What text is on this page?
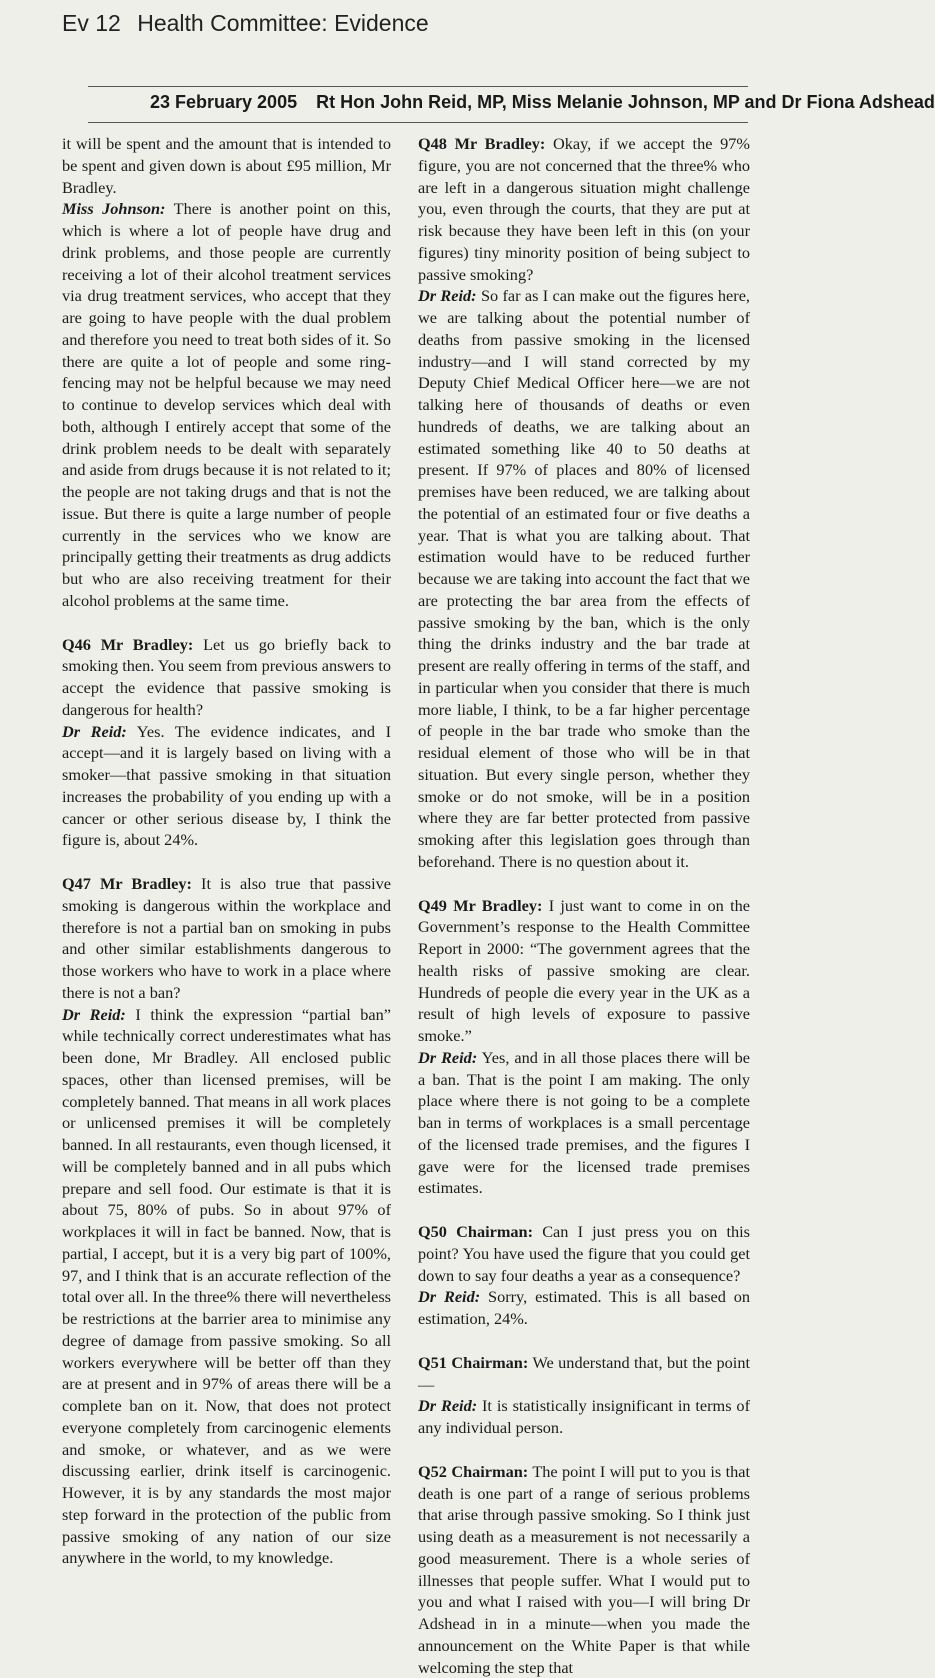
Ev 12 Health Committee: Evidence
23 February 2005 Rt Hon John Reid, MP, Miss Melanie Johnson, MP and Dr Fiona Adshead

it will be spent and the amount that is intended to be spent and given down is about £95 million, Mr Bradley.

Miss Johnson: There is another point on this, which is where a lot of people have drug and drink problems, and those people are currently receiving a lot of their alcohol treatment services via drug treatment services, who accept that they are going to have people with the dual problem and therefore you need to treat both sides of it. So there are quite a lot of people and some ring-fencing may not be helpful because we may need to continue to develop services which deal with both, although I entirely accept that some of the drink problem needs to be dealt with separately and aside from drugs because it is not related to it; the people are not taking drugs and that is not the issue. But there is quite a large number of people currently in the services who we know are principally getting their treatments as drug addicts but who are also receiving treatment for their alcohol problems at the same time.

Q46 Mr Bradley: Let us go briefly back to smoking then. You seem from previous answers to accept the evidence that passive smoking is dangerous for health?

Dr Reid: Yes. The evidence indicates, and I accept—and it is largely based on living with a smoker—that passive smoking in that situation increases the probability of you ending up with a cancer or other serious disease by, I think the figure is, about 24%.

Q47 Mr Bradley: It is also true that passive smoking is dangerous within the workplace and therefore is not a partial ban on smoking in pubs and other similar establishments dangerous to those workers who have to work in a place where there is not a ban?

Dr Reid: I think the expression “partial ban” while technically correct underestimates what has been done, Mr Bradley. All enclosed public spaces, other than licensed premises, will be completely banned. That means in all work places or unlicensed premises it will be completely banned. In all restaurants, even though licensed, it will be completely banned and in all pubs which prepare and sell food. Our estimate is that it is about 75, 80% of pubs. So in about 97% of workplaces it will in fact be banned. Now, that is partial, I accept, but it is a very big part of 100%, 97, and I think that is an accurate reflection of the total over all. In the three% there will nevertheless be restrictions at the barrier area to minimise any degree of damage from passive smoking. So all workers everywhere will be better off than they are at present and in 97% of areas there will be a complete ban on it. Now, that does not protect everyone completely from carcinogenic elements and smoke, or whatever, and as we were discussing earlier, drink itself is carcinogenic. However, it is by any standards the most major step forward in the protection of the public from passive smoking of any nation of our size anywhere in the world, to my knowledge.

Q48 Mr Bradley: Okay, if we accept the 97% figure, you are not concerned that the three% who are left in a dangerous situation might challenge you, even through the courts, that they are put at risk because they have been left in this (on your figures) tiny minority position of being subject to passive smoking?

Dr Reid: So far as I can make out the figures here, we are talking about the potential number of deaths from passive smoking in the licensed industry—and I will stand corrected by my Deputy Chief Medical Officer here—we are not talking here of thousands of deaths or even hundreds of deaths, we are talking about an estimated something like 40 to 50 deaths at present. If 97% of places and 80% of licensed premises have been reduced, we are talking about the potential of an estimated four or five deaths a year. That is what you are talking about. That estimation would have to be reduced further because we are taking into account the fact that we are protecting the bar area from the effects of passive smoking by the ban, which is the only thing the drinks industry and the bar trade at present are really offering in terms of the staff, and in particular when you consider that there is much more liable, I think, to be a far higher percentage of people in the bar trade who smoke than the residual element of those who will be in that situation. But every single person, whether they smoke or do not smoke, will be in a position where they are far better protected from passive smoking after this legislation goes through than beforehand. There is no question about it.

Q49 Mr Bradley: I just want to come in on the Government’s response to the Health Committee Report in 2000: “The government agrees that the health risks of passive smoking are clear. Hundreds of people die every year in the UK as a result of high levels of exposure to passive smoke.”

Dr Reid: Yes, and in all those places there will be a ban. That is the point I am making. The only place where there is not going to be a complete ban in terms of workplaces is a small percentage of the licensed trade premises, and the figures I gave were for the licensed trade premises estimates.

Q50 Chairman: Can I just press you on this point? You have used the figure that you could get down to say four deaths a year as a consequence?

Dr Reid: Sorry, estimated. This is all based on estimation, 24%.

Q51 Chairman: We understand that, but the point—

Dr Reid: It is statistically insignificant in terms of any individual person.

Q52 Chairman: The point I will put to you is that death is one part of a range of serious problems that arise through passive smoking. So I think just using death as a measurement is not necessarily a good measurement. There is a whole series of illnesses that people suffer. What I would put to you and what I raised with you—I will bring Dr Adshead in in a minute—when you made the announcement on the White Paper is that while welcoming the step that
